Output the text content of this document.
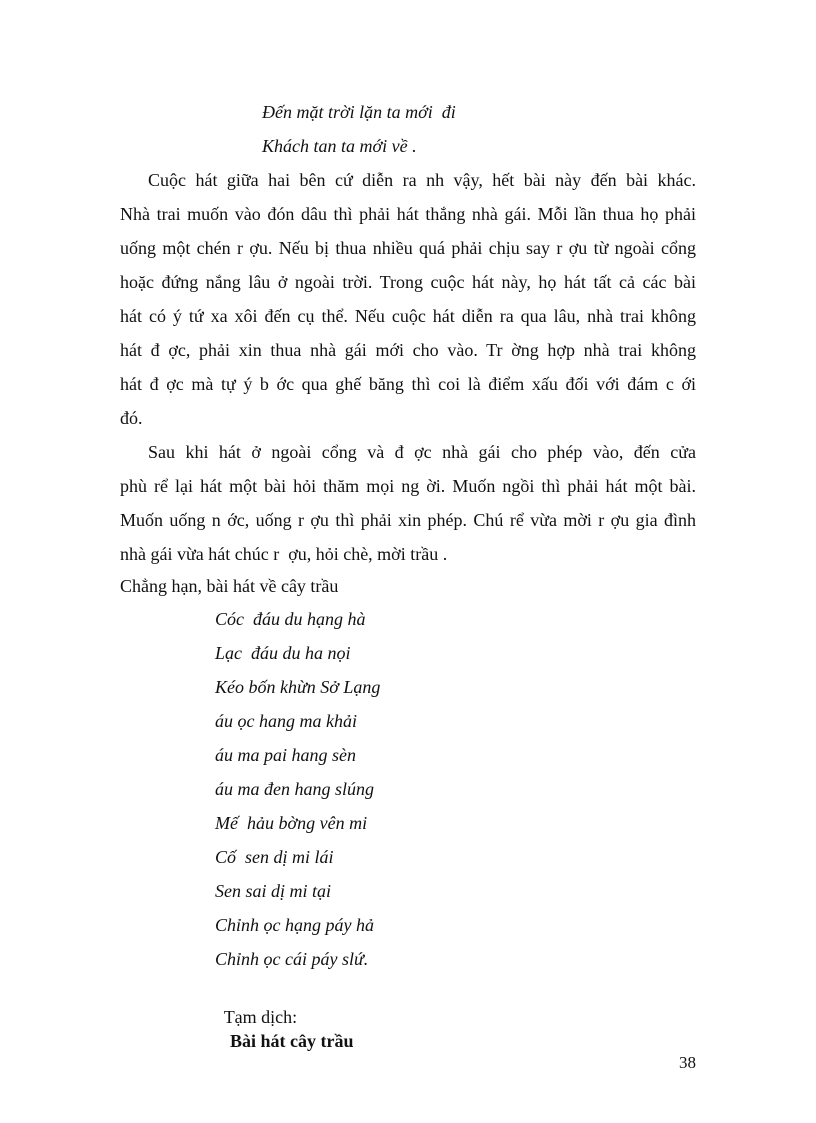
Đến mặt trời lặn ta mới  đi
Khách tan ta mới về .
Cuộc hát giữa hai bên cứ diễn ra nh vậy, hết bài này đến bài khác.
Nhà trai muốn vào đón dâu thì phải hát thắng nhà gái. Mỗi lần thua họ phải
uống một chén r ợu. Nếu bị thua nhiều quá phải chịu say r ợu từ ngoài cổng
hoặc đứng nắng lâu ở ngoài trời. Trong cuộc hát này, họ hát tất cả các bài
hát có ý tứ xa xôi đến cụ thể. Nếu cuộc hát diễn ra qua lâu, nhà trai không
hát đ ợc, phải xin thua nhà gái mới cho vào. Tr ờng hợp nhà trai không
hát đ ợc mà tự ý b ớc qua ghế băng thì coi là điểm xấu đối với đám c ới
đó.
Sau khi hát ở ngoài cổng và đ ợc nhà gái cho phép vào, đến cửa
phù rể lại hát một bài hỏi thăm mọi ng ời. Muốn ngồi thì phải hát một bài.
Muốn uống n ớc, uống r ợu thì phải xin phép. Chú rể vừa mời r ợu gia đình
nhà gái vừa hát chúc r  ợu, hỏi chè, mời trầu .
Chẳng hạn, bài hát về cây trầu
Cóc  đáu du hạng hà
Lạc  đáu du ha nọi
Kéo bốn khừn Sở Lạng
áu ọc hang ma khải
áu ma pai hang sèn
áu ma đen hang slúng
Mế  hảu bờng vên mi
Cố  sen dị mi lái
Sen sai dị mi tại
Chỉnh ọc hạng páy hả
Chỉnh ọc cái páy slứ.

Tạm dịch:
Bài hát cây trầu

38
